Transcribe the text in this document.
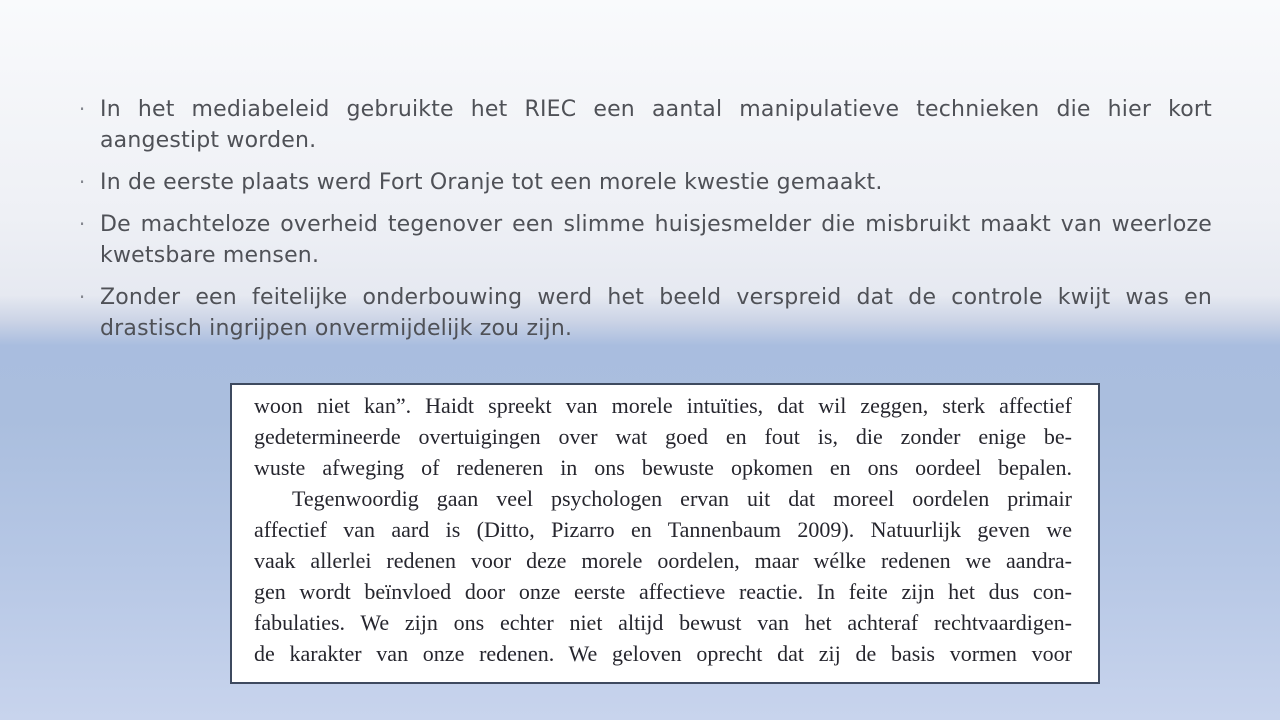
· In het mediabeleid gebruikte het RIEC een aantal manipulatieve technieken die hier kort aangestipt worden.
· In de eerste plaats werd Fort Oranje tot een morele kwestie gemaakt.
· De machteloze overheid tegenover een slimme huisjesmelder die misbruikt maakt van weerloze kwetsbare mensen.
· Zonder een feitelijke onderbouwing werd het beeld verspreid dat de controle kwijt was en drastisch ingrijpen onvermijdelijk zou zijn.
woon niet kan”. Haidt spreekt van morele intuïties, dat wil zeggen, sterk affectief
gedetermineerde overtuigingen over wat goed en fout is, die zonder enige be-
wuste afweging of redeneren in ons bewuste opkomen en ons oordeel bepalen.
Tegenwoordig gaan veel psychologen ervan uit dat moreel oordelen primair
affectief van aard is (Ditto, Pizarro en Tannenbaum 2009). Natuurlijk geven we
vaak allerlei redenen voor deze morele oordelen, maar wélke redenen we aandra-
gen wordt beïnvloed door onze eerste affectieve reactie. In feite zijn het dus con-
fabulaties. We zijn ons echter niet altijd bewust van het achteraf rechtvaardigen-
de karakter van onze redenen. We geloven oprecht dat zij de basis vormen voor
